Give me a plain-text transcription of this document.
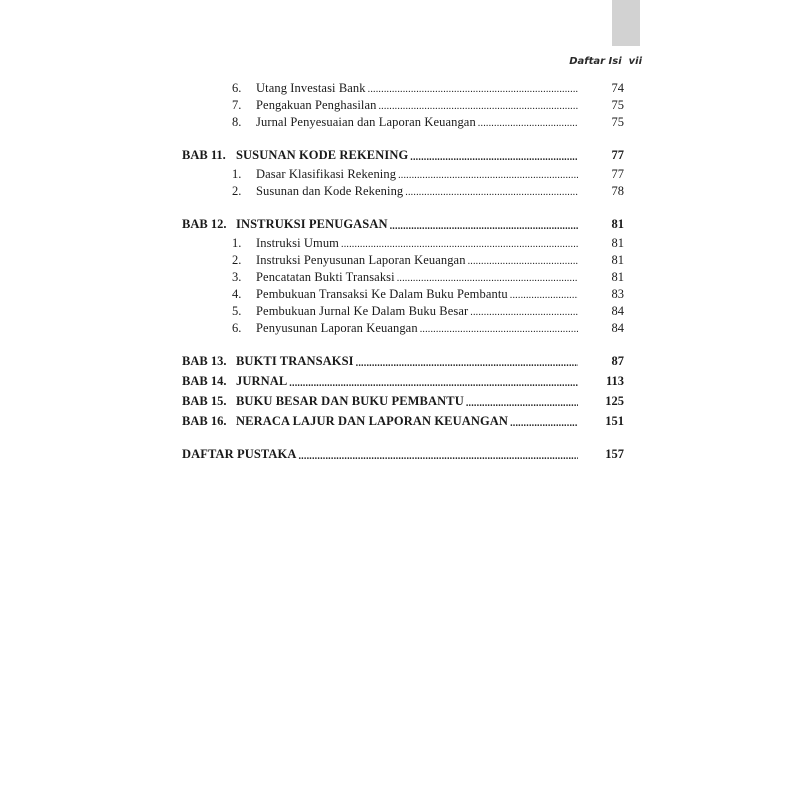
Daftar Isi vii
6.	Utang Investasi Bank .....	74
7.	Pengakuan Penghasilan .....	75
8.	Jurnal Penyesuaian dan Laporan Keuangan .....	75
BAB 11. SUSUNAN KODE REKENING .....	77
1.	Dasar Klasifikasi Rekening .....	77
2.	Susunan dan Kode Rekening .....	78
BAB 12. INSTRUKSI PENUGASAN .....	81
1.	Instruksi Umum .....	81
2.	Instruksi Penyusunan Laporan Keuangan .....	81
3.	Pencatatan Bukti Transaksi .....	81
4.	Pembukuan Transaksi Ke Dalam Buku Pembantu .....	83
5.	Pembukuan Jurnal Ke Dalam Buku Besar .....	84
6.	Penyusunan Laporan Keuangan .....	84
BAB 13. BUKTI TRANSAKSI .....	87
BAB 14. JURNAL .....	113
BAB 15. BUKU BESAR DAN BUKU PEMBANTU .....	125
BAB 16. NERACA LAJUR DAN LAPORAN KEUANGAN .....	151
DAFTAR PUSTAKA .....	157
